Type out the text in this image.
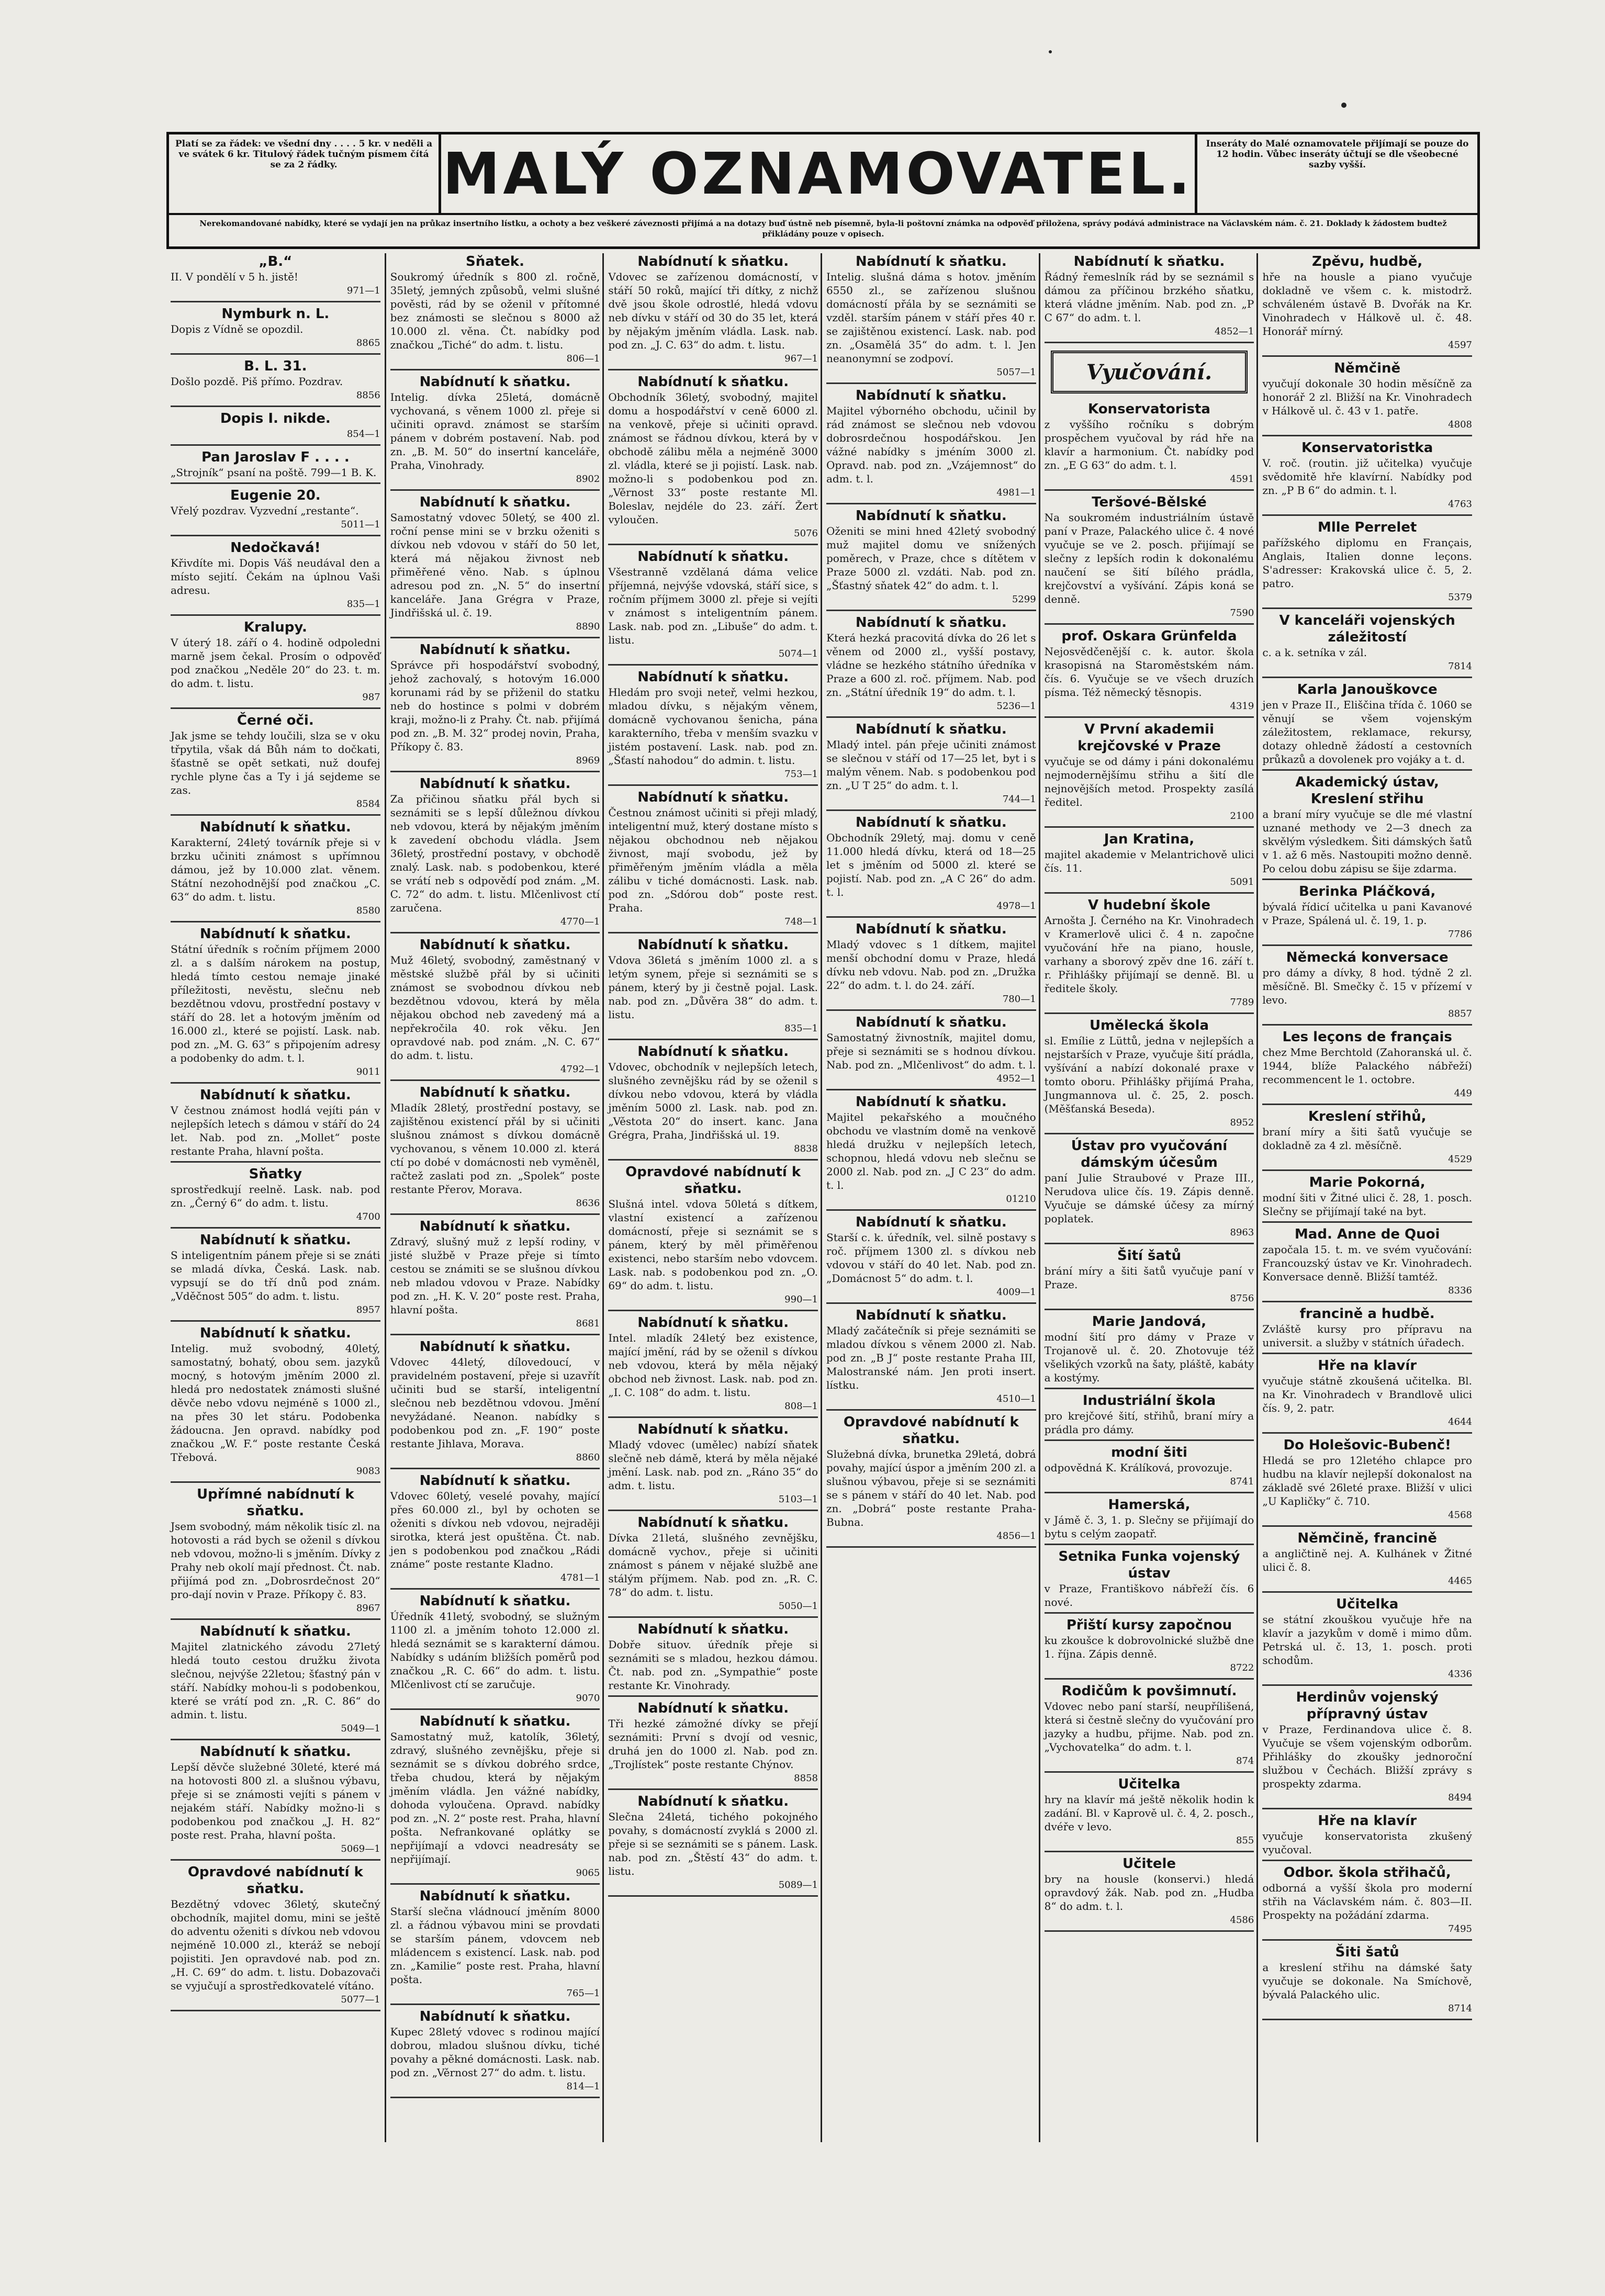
Platí se za řádek: ve všední dny . . . . 5 kr. v neděli a ve svátek 6 kr. Titulový řádek tučným písmem čítá se za 2 řádky.	MALÝ OZNAMOVATEL.	Inseráty do Malé oznamovatele přijímají se pouze do 12 hodin. Vůbec inseráty účtují se dle všeobecné sazby vyšší.
Nerekomandované nabídky, které se vydají jen na průkaz insertního lístku, a ochoty a bez veškeré záveznosti přijímá a na dotazy buď ústně neb písemně, byla-li poštovní známka na odpověď přiložena, správy podává administrace na Václavském nám. č. 21. Doklady k žádostem budtež přikládány pouze v opisech.
„B.“
II. V pondělí v 5 h. jistě!
971—1
Nymburk n. L.
Dopis z Vídně se opozdil.
8865
B. L. 31.
Došlo pozdě. Piš přímo. Pozdrav.
8856
Dopis I. nikde.
854—1
Pan Jaroslav F . . . .
„Strojník“ psaní na poště. 799—1 B. K.
Eugenie 20.
Vřelý pozdrav. Vyzvední „restante“.
5011—1
Nedočkavá!
Křivdíte mi. Dopis Váš neudával den a místo sejití. Čekám na úplnou Vaši adresu.
835—1
Kralupy.
V úterý 18. září o 4. hodině odpoledni marně jsem čekal. Prosím o odpověď pod značkou „Neděle 20“ do 23. t. m. do adm. t. listu.
987
Černé oči.
Jak jsme se tehdy loučili, slza se v oku třpytila, však dá Bůh nám to dočkati, šťastně se opět setkati, nuž doufej rychle plyne čas a Ty i já sejdeme se zas.
8584
Nabídnutí k sňatku.
Karakterní, 24letý továrník přeje si v brzku učiniti známost s upřímnou dámou, jež by 10.000 zlat. věnem. Státní nezohodnější pod značkou „C. 63“ do adm. t. listu.
8580
Nabídnutí k sňatku.
Státní úředník s ročním příjmem 2000 zl. a s dalším nárokem na postup, hledá tímto cestou nemaje jinaké příležitosti, nevěstu, slečnu neb bezdětnou vdovu, prostřední postavy v stáří do 28. let a hotovým jměním od 16.000 zl., které se pojistí. Lask. nab. pod zn. „M. G. 63“ s připojením adresy a podobenky do adm. t. l.
9011
Nabídnutí k sňatku.
V čestnou známost hodlá vejíti pán v nejlepších letech s dámou v stáří do 24 let. Nab. pod zn. „Mollet“ poste restante Praha, hlavní pošta.
Sňatky
sprostředkují reelně. Lask. nab. pod zn. „Černý 6“ do adm. t. listu.
4700
Nabídnutí k sňatku.
S inteligentním pánem přeje si se znáti se mladá dívka, Česká. Lask. nab. vypsují se do tří dnů pod znám. „Vděčnost 505“ do adm. t. listu.
8957
Nabídnutí k sňatku.
Intelig. muž svobodný, 40letý, samostatný, bohatý, obou sem. jazyků mocný, s hotovým jměním 2000 zl. hledá pro nedostatek známosti slušné děvče nebo vdovu nejméně s 1000 zl., na přes 30 let stáru. Podobenka žádoucna. Jen opravd. nabídky pod značkou „W. F.“ poste restante Česká Třebová.
9083
Upřímné nabídnutí k sňatku.
Jsem svobodný, mám několik tisíc zl. na hotovosti a rád bych se oženil s dívkou neb vdovou, možno-li s jměním. Dívky z Prahy neb okolí mají přednost. Čt. nab. přijímá pod zn. „Dobrosrdečnost 20“ pro-dají novin v Praze. Příkopy č. 83.
8967
Nabídnutí k sňatku.
Majitel zlatnického závodu 27letý hledá touto cestou družku života slečnou, nejvýše 22letou; šťastný pán v stáří. Nabídky mohou-li s podobenkou, které se vrátí pod zn. „R. C. 86“ do admin. t. listu.
5049—1
Nabídnutí k sňatku.
Lepší děvče služebné 30leté, které má na hotovosti 800 zl. a slušnou výbavu, přeje si se známosti vejíti s pánem v nejakém stáří. Nabídky možno-li s podobenkou pod značkou „J. H. 82“ poste rest. Praha, hlavní pošta.
5069—1
Opravdové nabídnutí k sňatku.
Bezdětný vdovec 36letý, skutečný obchodník, majitel domu, mini se ještě do adventu oženiti s dívkou neb vdovou nejméně 10.000 zl., kteráž se nebojí pojistiti. Jen opravdové nab. pod zn. „H. C. 69“ do adm. t. listu. Dobazovači se vyjučují a sprostředkovatelé vítáno.
5077—1
Sňatek.
Soukromý úředník s 800 zl. ročně, 35letý, jemných způsobů, velmi slušné pověsti, rád by se oženil v přítomné bez známosti se slečnou s 8000 až 10.000 zl. věna. Čt. nabídky pod značkou „Tiché“ do adm. t. listu.
806—1
Nabídnutí k sňatku.
Intelig. dívka 25letá, domácně vychovaná, s věnem 1000 zl. přeje si učiniti opravd. známost se starším pánem v dobrém postavení. Nab. pod zn. „B. M. 50“ do insertní kanceláře, Praha, Vinohrady.
8902
Nabídnutí k sňatku.
Samostatný vdovec 50letý, se 400 zl. roční pense mini se v brzku oženiti s dívkou neb vdovou v stáří do 50 let, která má nějakou živnost neb přiměřené věno. Nab. s úplnou adresou pod zn. „N. 5“ do insertní kanceláře. Jana Grégra v Praze, Jindřišská ul. č. 19.
8890
Nabídnutí k sňatku.
Správce při hospodářství svobodný, jehož zachovalý, s hotovým 16.000 korunami rád by se přiženil do statku neb do hostince s polmi v dobrém kraji, možno-li z Prahy. Čt. nab. přijímá pod zn. „B. M. 32“ prodej novin, Praha, Příkopy č. 83.
8969
Nabídnutí k sňatku.
Za přičinou sňatku přál bych si seznámiti se s lepší důležnou dívkou neb vdovou, která by nějakým jměním k zavedení obchodu vládla. Jsem 36letý, prostřední postavy, v obchodě znalý. Lask. nab. s podobenkou, které se vrátí neb s odpovědí pod znám. „M. C. 72“ do adm. t. listu. Mlčenlivost ctí zaručena.
4770—1
Nabídnutí k sňatku.
Muž 46letý, svobodný, zaměstnaný v městské službě přál by si učiniti známost se svobodnou dívkou neb bezdětnou vdovou, která by měla nějakou obchod neb zavedený má a nepřekročila 40. rok věku. Jen opravdové nab. pod znám. „N. C. 67“ do adm. t. listu.
4792—1
Nabídnutí k sňatku.
Mladík 28letý, prostřední postavy, se zajištěnou existencí přál by si učiniti slušnou známost s dívkou domácně vychovanou, s věnem 10.000 zl. která ctí po dobé v domácnosti neb vyměněl, račtež zaslati pod zn. „Spolek“ poste restante Přerov, Morava.
8636
Nabídnutí k sňatku.
Zdravý, slušný muž z lepší rodiny, v jisté službě v Praze přeje si tímto cestou se známiti se se slušnou dívkou neb mladou vdovou v Praze. Nabídky pod zn. „H. K. V. 20“ poste rest. Praha, hlavní pošta.
8681
Nabídnutí k sňatku.
Vdovec 44letý, dílovedoucí, v pravidelném postavení, přeje si uzavřít učiniti bud se starší, inteligentní slečnou neb bezdětnou vdovou. Jmění nevyžádané. Neanon. nabídky s podobenkou pod zn. „F. 190“ poste restante Jihlava, Morava.
8860
Nabídnutí k sňatku.
Vdovec 60letý, veselé povahy, mající přes 60.000 zl., byl by ochoten se oženiti s dívkou neb vdovou, nejraději sirotka, která jest opuštěna. Čt. nab. jen s podobenkou pod značkou „Rádi známe“ poste restante Kladno.
4781—1
Nabídnutí k sňatku.
Úředník 41letý, svobodný, se služným 1100 zl. a jměním tohoto 12.000 zl. hledá seznámit se s karakterní dámou. Nabídky s udáním bližších poměrů pod značkou „R. C. 66“ do adm. t. listu. Mlčenlivost ctí se zaručuje.
9070
Nabídnutí k sňatku.
Samostatný muž, katolík, 36letý, zdravý, slušného zevnějšku, přeje si seznámit se s dívkou dobrého srdce, třeba chudou, která by nějakým jměním vládla. Jen vážné nabídky, dohoda vyloučena. Opravd. nabídky pod zn. „N. 2“ poste rest. Praha, hlavní pošta. Nefrankované oplátky se nepřijímají a vdovci neadresáty se nepřijímají.
9065
Nabídnutí k sňatku.
Starší slečna vládnoucí jměním 8000 zl. a řádnou výbavou mini se provdati se starším pánem, vdovcem neb mládencem s existencí. Lask. nab. pod zn. „Kamilie“ poste rest. Praha, hlavní pošta.
765—1
Nabídnutí k sňatku.
Kupec 28letý vdovec s rodinou mající dobrou, mladou slušnou dívku, tiché povahy a pěkné domácnosti. Lask. nab. pod zn. „Věrnost 27“ do adm. t. listu.
814—1
Nabídnutí k sňatku.
Vdovec se zařízenou domácností, v stáří 50 roků, mající tři dítky, z nichž dvě jsou škole odrostlé, hledá vdovu neb dívku v stáří od 30 do 35 let, která by nějakým jměním vládla. Lask. nab. pod zn. „J. C. 63“ do adm. t. listu.
967—1
Nabídnutí k sňatku.
Obchodník 36letý, svobodný, majitel domu a hospodářství v ceně 6000 zl. na venkově, přeje si učiniti opravd. známost se řádnou dívkou, která by v obchodě zálibu měla a nejméně 3000 zl. vládla, které se ji pojistí. Lask. nab. možno-li s podobenkou pod zn. „Věrnost 33“ poste restante Ml. Boleslav, nejdéle do 23. září. Žert vyloučen.
5076
Nabídnutí k sňatku.
Všestranně vzdělaná dáma velice příjemná, nejvýše vdovská, stáří sice, s ročním příjmem 3000 zl. přeje si vejíti v známost s inteligentním pánem. Lask. nab. pod zn. „Libuše“ do adm. t. listu.
5074—1
Nabídnutí k sňatku.
Hledám pro svoji neteř, velmi hezkou, mladou dívku, s nějakým věnem, domácně vychovanou šenicha, pána karakterního, třeba v menším svazku v jistém postavení. Lask. nab. pod zn. „Šťastí nahodou“ do admin. t. listu.
753—1
Nabídnutí k sňatku.
Čestnou známost učiniti si přeji mladý, inteligentní muž, který dostane místo s nějakou obchodnou neb nějakou živnost, mají svobodu, jež by přiměřeným jměním vládla a měla zálibu v tiché domácnosti. Lask. nab. pod zn. „Sdórou dob“ poste rest. Praha.
748—1
Nabídnutí k sňatku.
Vdova 36letá s jměním 1000 zl. a s letým synem, přeje si seznámiti se s pánem, který by ji čestně pojal. Lask. nab. pod zn. „Důvěra 38“ do adm. t. listu.
835—1
Nabídnutí k sňatku.
Vdovec, obchodník v nejlepších letech, slušného zevnějšku rád by se oženil s dívkou nebo vdovou, která by vládla jměním 5000 zl. Lask. nab. pod zn. „Věstota 20“ do insert. kanc. Jana Grégra, Praha, Jindřišská ul. 19.
8838
Opravdové nabídnutí k sňatku.
Slušná intel. vdova 50letá s dítkem, vlastní existencí a zařízenou domácností, přeje si seznámit se s pánem, který by měl přiměřenou existenci, nebo starším nebo vdovcem. Lask. nab. s podobenkou pod zn. „O. 69“ do adm. t. listu.
990—1
Nabídnutí k sňatku.
Intel. mladík 24letý bez existence, mající jmění, rád by se oženil s dívkou neb vdovou, která by měla nějaký obchod neb živnost. Lask. nab. pod zn. „I. C. 108“ do adm. t. listu.
808—1
Nabídnutí k sňatku.
Mladý vdovec (umělec) nabízí sňatek slečně neb dámě, která by měla nějaké jmění. Lask. nab. pod zn. „Ráno 35“ do adm. t. listu.
5103—1
Nabídnutí k sňatku.
Dívka 21letá, slušného zevnějšku, domácně vychov., přeje si učiniti známost s pánem v nějaké službě ane stálým příjmem. Nab. pod zn. „R. C. 78“ do adm. t. listu.
5050—1
Nabídnutí k sňatku.
Dobře situov. úředník přeje si seznámiti se s mladou, hezkou dámou. Čt. nab. pod zn. „Sympathie“ poste restante Kr. Vinohrady.
Nabídnutí k sňatku.
Tři hezké zámožné dívky se přejí seznámiti: První s dvojí od vesnic, druhá jen do 1000 zl. Nab. pod zn. „Trojlístek“ poste restante Chýnov.
8858
Nabídnutí k sňatku.
Slečna 24letá, tichého pokojného povahy, s domácností zvyklá s 2000 zl. přeje si se seznámiti se s pánem. Lask. nab. pod zn. „Štěstí 43“ do adm. t. listu.
5089—1
Nabídnutí k sňatku.
Intelig. slušná dáma s hotov. jměním 6550 zl., se zařízenou slušnou domácností přála by se seznámiti se vzděl. starším pánem v stáří přes 40 r. se zajištěnou existencí. Lask. nab. pod zn. „Osamělá 35“ do adm. t. l. Jen neanonymní se zodpoví.
5057—1
Nabídnutí k sňatku.
Majitel výborného obchodu, učinil by rád známost se slečnou neb vdovou dobrosrdečnou hospodářskou. Jen vážné nabídky s jméním 3000 zl. Opravd. nab. pod zn. „Vzájemnost“ do adm. t. l.
4981—1
Nabídnutí k sňatku.
Oženiti se mini hned 42letý svobodný muž majitel domu ve snížených poměrech, v Praze, chce s dítětem v Praze 5000 zl. vzdáti. Nab. pod zn. „Šťastný sňatek 42“ do adm. t. l.
5299
Nabídnutí k sňatku.
Která hezká pracovitá dívka do 26 let s věnem od 2000 zl., vyšší postavy, vládne se hezkého státního úředníka v Praze a 600 zl. roč. příjmem. Nab. pod zn. „Státní úředník 19“ do adm. t. l.
5236—1
Nabídnutí k sňatku.
Mladý intel. pán přeje učiniti známost se slečnou v stáří od 17—25 let, byt i s malým věnem. Nab. s podobenkou pod zn. „U T 25“ do adm. t. l.
744—1
Nabídnutí k sňatku.
Obchodník 29letý, maj. domu v ceně 11.000 hledá dívku, která od 18—25 let s jměním od 5000 zl. které se pojistí. Nab. pod zn. „A C 26“ do adm. t. l.
4978—1
Nabídnutí k sňatku.
Mladý vdovec s 1 dítkem, majitel menší obchodní domu v Praze, hledá dívku neb vdovu. Nab. pod zn. „Družka 22“ do adm. t. l. do 24. září.
780—1
Nabídnutí k sňatku.
Samostatný živnostník, majitel domu, přeje si seznámiti se s hodnou dívkou. Nab. pod zn. „Mlčenlivost“ do adm. t. l.
4952—1
Nabídnutí k sňatku.
Majitel pekařského a moučného obchodu ve vlastním domě na venkově hledá družku v nejlepších letech, schopnou, hledá vdovu neb slečnu se 2000 zl. Nab. pod zn. „J C 23“ do adm. t. l.
01210
Nabídnutí k sňatku.
Starší c. k. úředník, vel. silně postavy s roč. příjmem 1300 zl. s dívkou neb vdovou v stáří do 40 let. Nab. pod zn. „Domácnost 5“ do adm. t. l.
4009—1
Nabídnutí k sňatku.
Mladý začátečník si přeje seznámiti se mladou dívkou s věnem 2000 zl. Nab. pod zn. „B J“ poste restante Praha III, Malostranské nám. Jen proti insert. lístku.
4510—1
Opravdové nabídnutí k sňatku.
Služebná dívka, brunetka 29letá, dobrá povahy, mající úspor a jměním 200 zl. a slušnou výbavou, přeje si se seznámiti se s pánem v stáří do 40 let. Nab. pod zn. „Dobrá“ poste restante Praha-Bubna.
4856—1
Nabídnutí k sňatku.
Řádný řemeslník rád by se seznámil s dámou za příčinou brzkého sňatku, která vládne jměním. Nab. pod zn. „P C 67“ do adm. t. l.
4852—1
Vyučování.
Konservatorista
z vyššího ročníku s dobrým prospěchem vyučoval by rád hře na klavír a harmonium. Čt. nabídky pod zn. „E G 63“ do adm. t. l.
4591
Teršové-Bělské
Na soukromém industriálním ústavě paní v Praze, Palackého ulice č. 4 nové vyučuje se ve 2. posch. přijímají se slečny z lepších rodin k dokonalému naučení se šití bílého prádla, krejčovství a vyšívání. Zápis koná se denně.
7590
prof. Oskara Grünfelda
Nejosvědčenější c. k. autor. škola krasopisná na Staroměstském nám. čís. 6. Vyučuje se ve všech druzích písma. Též německý těsnopis.
4319
V První akademii krejčovské v Praze
vyučuje se od dámy i páni dokonalému nejmodernějšímu střihu a šití dle nejnovějších metod. Prospekty zasílá ředitel.
2100
Jan Kratina,
majitel akademie v Melantrichově ulici čís. 11.
5091
V hudební škole
Arnošta J. Černého na Kr. Vinohradech v Kramerlově ulici č. 4 n. započne vyučování hře na piano, housle, varhany a sborový zpěv dne 16. září t. r. Přihlášky přijímají se denně. Bl. u ředitele školy.
7789
Umělecká škola
sl. Emílie z Lüttů, jedna v nejlepších a nejstarších v Praze, vyučuje šití prádla, vyšívání a nabízí dokonalé praxe v tomto oboru. Přihlášky přijímá Praha, Jungmannova ul. č. 25, 2. posch. (Měšťanská Beseda).
8952
Ústav pro vyučování dámským účesům
paní Julie Straubové v Praze III., Nerudova ulice čís. 19. Zápis denně. Vyučuje se dámské účesy za mírný poplatek.
8963
Šití šatů
brání míry a šiti šatů vyučuje paní v Praze.
8756
Marie Jandová,
modní šití pro dámy v Praze v Trojanově ul. č. 20. Zhotovuje též všelikých vzorků na šaty, pláště, kabáty a kostýmy.
Industriální škola
pro krejčové šití, střihů, braní míry a prádla pro dámy.
modní šiti
odpovědná K. Králíková, provozuje.
8741
Hamerská,
v Jámě č. 3, 1. p. Slečny se přijímají do bytu s celým zaopatř.
Setnika Funka vojenský ústav
v Praze, Františkovo nábřeží čís. 6 nové.
Přiští kursy započnou
ku zkoušce k dobrovolnické službě dne 1. října. Zápis denně.
8722
Rodičům k povšimnutí.
Vdovec nebo paní starší, neupřílišená, která si čestně slečny do vyučování pro jazyky a hudbu, přijme. Nab. pod zn. „Vychovatelka“ do adm. t. l.
874
Učitelka
hry na klavír má ještě několik hodin k zadání. Bl. v Kaprově ul. č. 4, 2. posch., dvéře v levo.
855
Učitele
bry na housle (konservi.) hledá opravdový žák. Nab. pod zn. „Hudba 8“ do adm. t. l.
4586
Zpěvu, hudbě,
hře na housle a piano vyučuje dokladně ve všem c. k. mistodrž. schváleném ústavě B. Dvořák na Kr. Vinohradech v Hálkově ul. č. 48. Honorář mírný.
4597
Němčině
vyučují dokonale 30 hodin měsíčně za honorář 2 zl. Bližší na Kr. Vinohradech v Hálkově ul. č. 43 v 1. patře.
4808
Konservatoristka
V. roč. (routin. již učitelka) vyučuje svědomitě hře klavírní. Nabídky pod zn. „P B 6“ do admin. t. l.
4763
Mlle Perrelet
pařížského diplomu en Français, Anglais, Italien donne leçons. S'adresser: Krakovská ulice č. 5, 2. patro.
5379
V kanceláři vojenských záležitostí
c. a k. setníka v zál.
7814
Karla Janouškovce
jen v Praze II., Eliščina třída č. 1060 se věnují se všem vojenským záležitostem, reklamace, rekursy, dotazy ohledně žádostí a cestovních průkazů a dovolenek pro vojáky a t. d.
Akademický ústav, Kreslení střihu
a braní míry vyučuje se dle mé vlastní uznané methody ve 2—3 dnech za skvělým výsledkem. Šiti dámských šatů v 1. až 6 měs. Nastoupiti možno denně. Po celou dobu zápisu se šije zdarma.
Berinka Pláčková,
bývalá řídicí učitelka u pani Kavanové v Praze, Spálená ul. č. 19, 1. p.
7786
Německá konversace
pro dámy a dívky, 8 hod. týdně 2 zl. měsíčně. Bl. Smečky č. 15 v přízemí v levo.
8857
Les leçons de français
chez Mme Berchtold (Zahoranská ul. č. 1944, blíže Palackého nábřeží) recommencent le 1. octobre.
449
Kreslení střihů,
braní míry a šiti šatů vyučuje se dokladně za 4 zl. měsíčně.
4529
Marie Pokorná,
modní šiti v Žitné ulici č. 28, 1. posch. Slečny se přijímají také na byt.
Mad. Anne de Quoi
započala 15. t. m. ve svém vyučování: Francouzský ústav ve Kr. Vinohradech. Konversace denně. Bližší tamtéž.
8336
francině a hudbě.
Zvláště kursy pro přípravu na universit. a služby v státních úřadech.
Hře na klavír
vyučuje státně zkoušená učitelka. Bl. na Kr. Vinohradech v Brandlově ulici čís. 9, 2. patr.
4644
Do Holešovic-Bubenč!
Hledá se pro 12letého chlapce pro hudbu na klavír nejlepší dokonalost na základě své 26leté praxe. Bližší v ulici „U Kapličky“ č. 710.
4568
Němčině, francině
a angličtině nej. A. Kulhánek v Žitné ulici č. 8.
4465
Učitelka
se státní zkouškou vyučuje hře na klavír a jazykům v domě i mimo dům. Petrská ul. č. 13, 1. posch. proti schodům.
4336
Herdinův vojenský přípravný ústav
v Praze, Ferdinandova ulice č. 8. Vyučuje se všem vojenským odborům. Přihlášky do zkoušky jednoroční službou v Čechách. Bližší zprávy s prospekty zdarma.
8494
Hře na klavír
vyučuje konservatorista zkušený vyučoval.
Odbor. škola střihačů,
odborná a vyšší škola pro moderní střih na Václavském nám. č. 803—II. Prospekty na požádání zdarma.
7495
Šiti šatů
a kreslení střihu na dámské šaty vyučuje se dokonale. Na Smíchově, bývalá Palackého ulic.
8714
